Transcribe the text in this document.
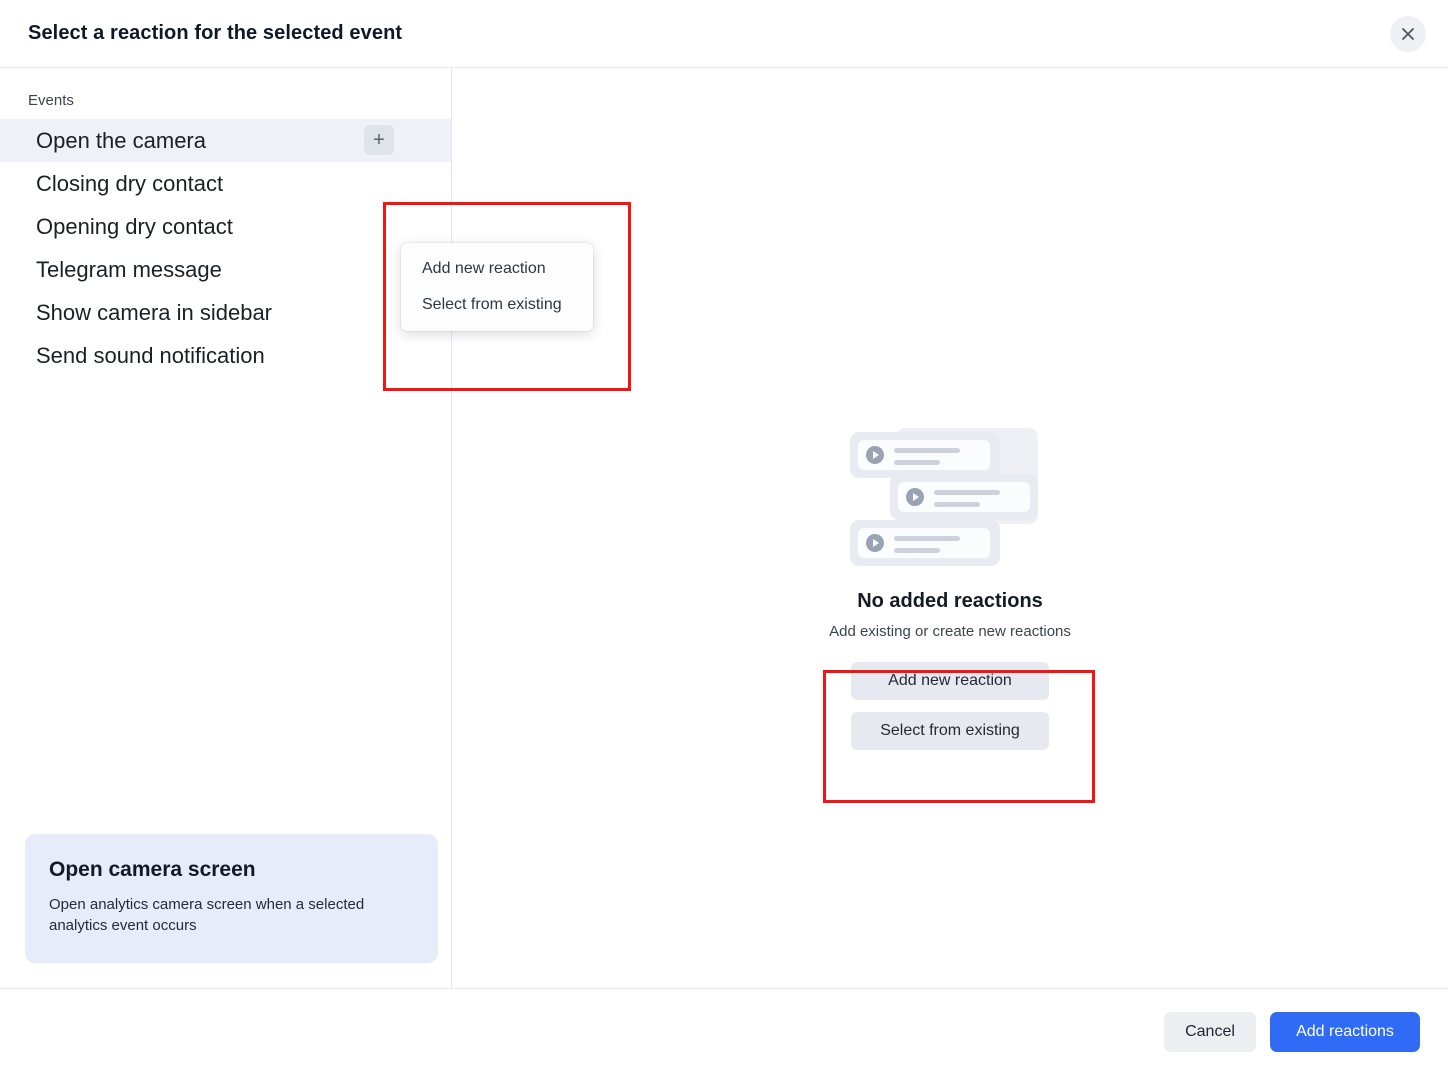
Select a reaction for the selected event
Events
Open the camera	+
Closing dry contact
Opening dry contact
Telegram message
Show camera in sidebar
Send sound notification
Open camera screen
Open analytics camera screen when a selected analytics event occurs
No added reactions
Add existing or create new reactions
Add new reaction
Select from existing
Add new reaction
Select from existing
Cancel	Add reactions
